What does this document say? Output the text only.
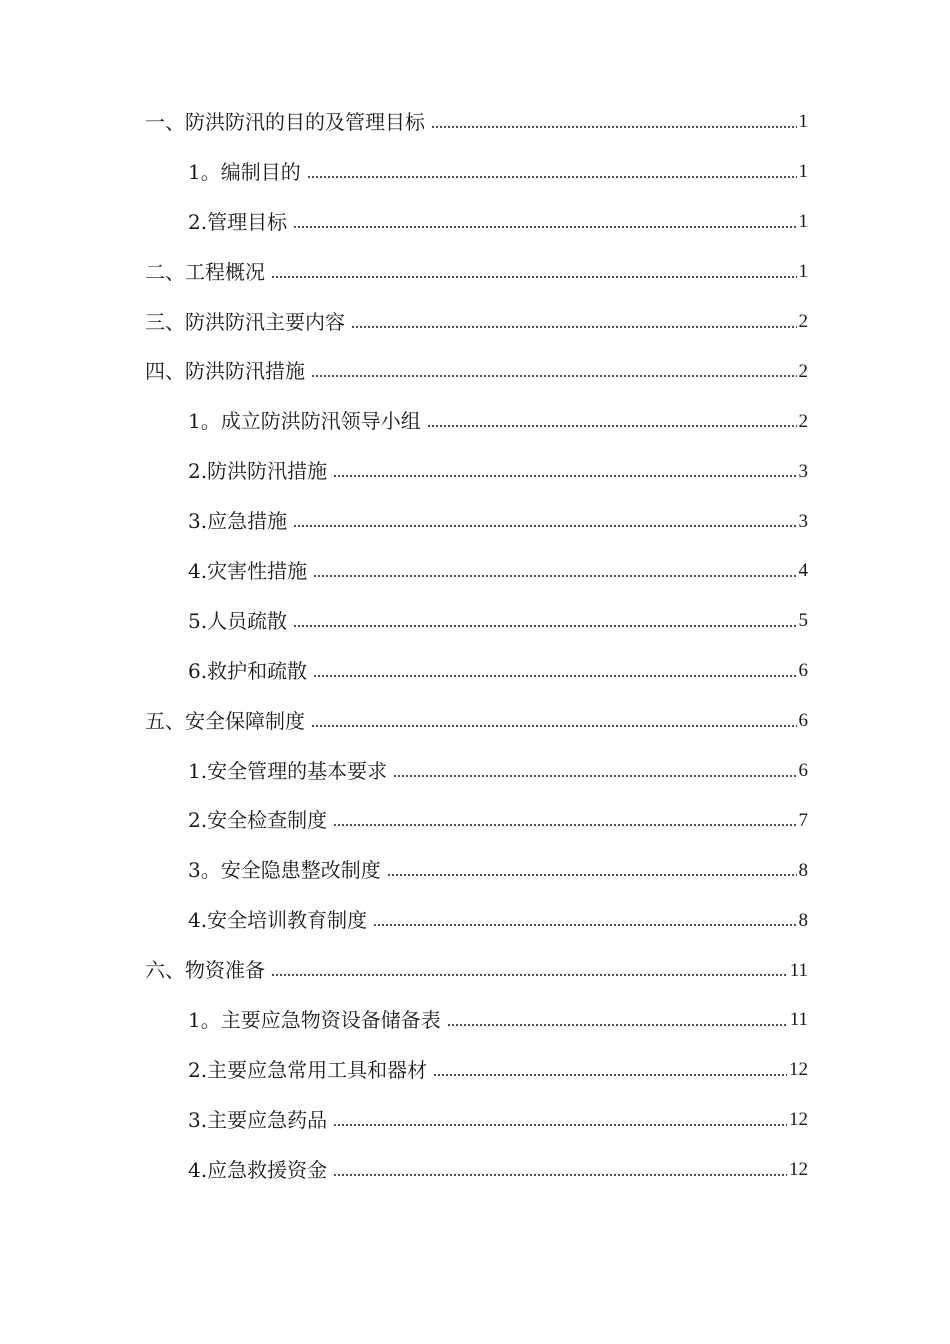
一、防洪防汛的目的及管理目标	1
1。编制目的	1
2.管理目标	1
二、工程概况	1
三、防洪防汛主要内容	2
四、防洪防汛措施	2
1。成立防洪防汛领导小组	2
2.防洪防汛措施	3
3.应急措施	3
4.灾害性措施	4
5.人员疏散	5
6.救护和疏散	6
五、安全保障制度	6
1.安全管理的基本要求	6
2.安全检查制度	7
3。安全隐患整改制度	8
4.安全培训教育制度	8
六、物资准备	11
1。主要应急物资设备储备表	11
2.主要应急常用工具和器材	12
3.主要应急药品	12
4.应急救援资金	12
